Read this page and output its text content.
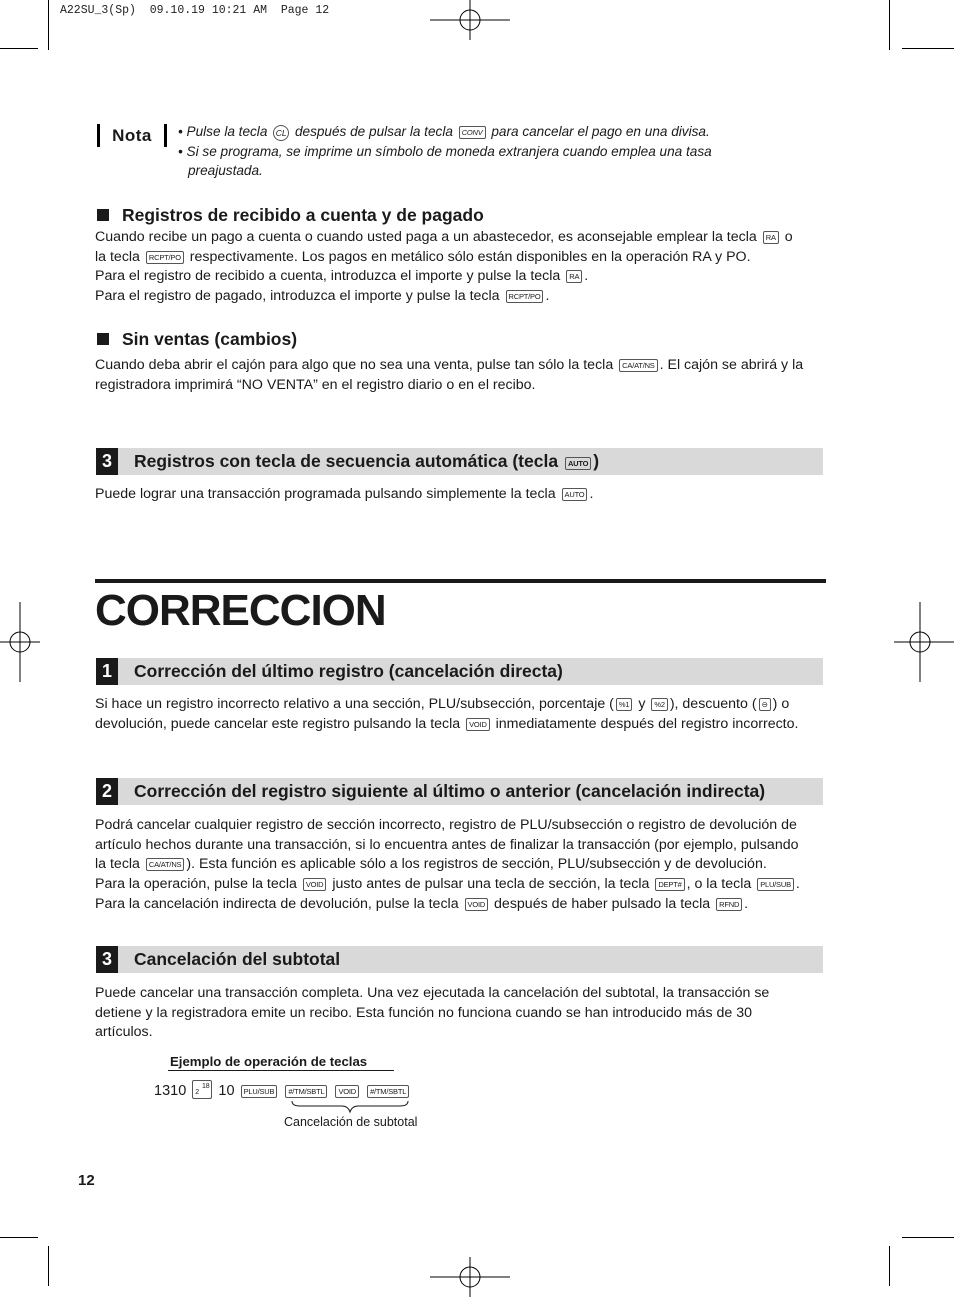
A22SU_3(Sp)  09.10.19 10:21 AM  Page 12
Nota	• Pulse la tecla CL después de pulsar la tecla CONV para cancelar el pago en una divisa.
• Si se programa, se imprime un símbolo de moneda extranjera cuando emplea una tasa
preajustada.
Registros de recibido a cuenta y de pagado
Cuando recibe un pago a cuenta o cuando usted paga a un abastecedor, es aconsejable emplear la tecla RA o
la tecla RCPT/PO respectivamente. Los pagos en metálico sólo están disponibles en la operación RA y PO.
Para el registro de recibido a cuenta, introduzca el importe y pulse la tecla RA .
Para el registro de pagado, introduzca el importe y pulse la tecla RCPT/PO .
Sin ventas (cambios)
Cuando deba abrir el cajón para algo que no sea una venta, pulse tan sólo la tecla CA/AT/NS . El cajón se abrirá y la
registradora imprimirá “NO VENTA” en el registro diario o en el recibo.
3	Registros con tecla de secuencia automática (tecla AUTO )
Puede lograr una transacción programada pulsando simplemente la tecla AUTO .
CORRECCION
1	Corrección del último registro (cancelación directa)
Si hace un registro incorrecto relativo a una sección, PLU/subsección, porcentaje ( %1 y %2 ), descuento ( ⊖ ) o
devolución, puede cancelar este registro pulsando la tecla VOID inmediatamente después del registro incorrecto.
2	Corrección del registro siguiente al último o anterior (cancelación indirecta)
Podrá cancelar cualquier registro de sección incorrecto, registro de PLU/subsección o registro de devolución de
artículo hechos durante una transacción, si lo encuentra antes de finalizar la transacción (por ejemplo, pulsando
la tecla CA/AT/NS ). Esta función es aplicable sólo a los registros de sección, PLU/subsección y de devolución.
Para la operación, pulse la tecla VOID justo antes de pulsar una tecla de sección, la tecla DEPT# , o la tecla PLU/SUB .
Para la cancelación indirecta de devolución, pulse la tecla VOID después de haber pulsado la tecla RFND .
3	Cancelación del subtotal
Puede cancelar una transacción completa. Una vez ejecutada la cancelación del subtotal, la transacción se
detiene y la registradora emite un recibo. Esta función no funciona cuando se han introducido más de 30
artículos.
Ejemplo de operación de teclas
1310 218 10 PLU/SUB #/TM/SBTL VOID #/TM/SBTL
Cancelación de subtotal
12
